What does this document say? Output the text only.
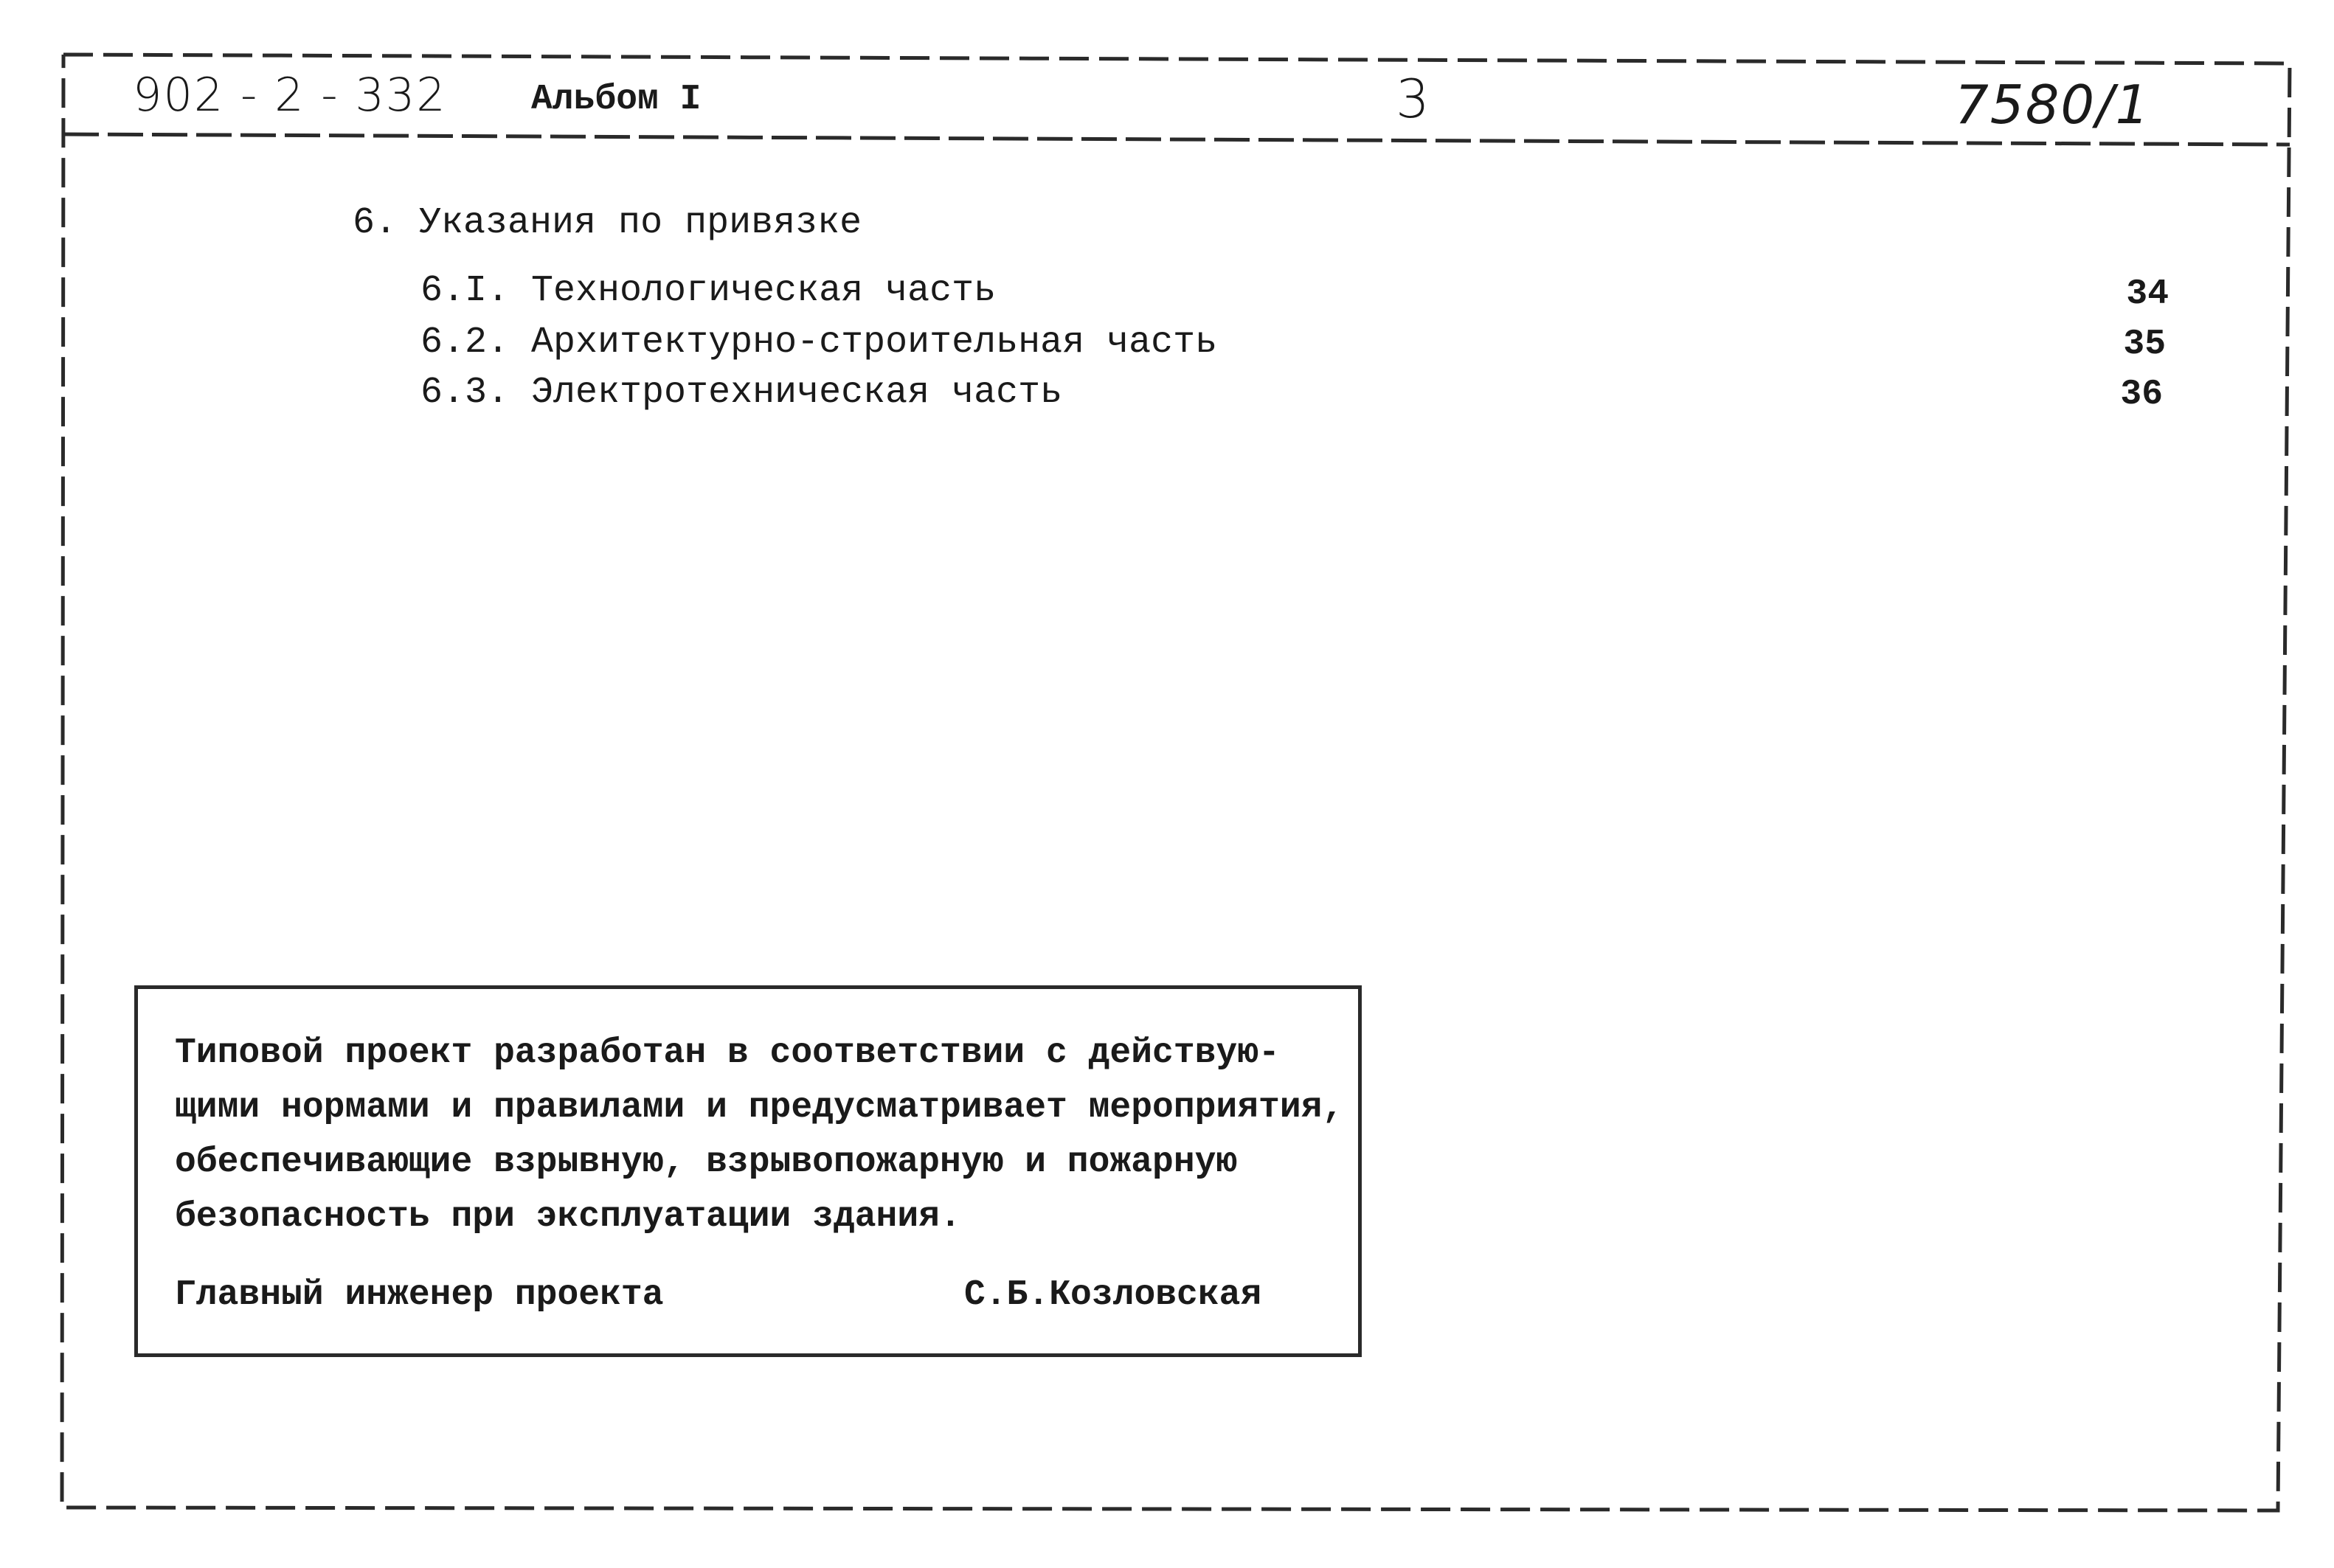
902 - 2 - 332 Альбом I	3	7580/1
6. Указания по привязке
6.I. Технологическая часть	34
6.2. Архитектурно-строительная часть	35
6.3. Электротехническая часть	36
Типовой проект разработан в соответствии с действую-
щими нормами и правилами и предусматривает мероприятия,
обеспечивающие взрывную, взрывопожарную и пожарную
безопасность при эксплуатации здания.
Главный инженер проекта	С.Б.Козловская
